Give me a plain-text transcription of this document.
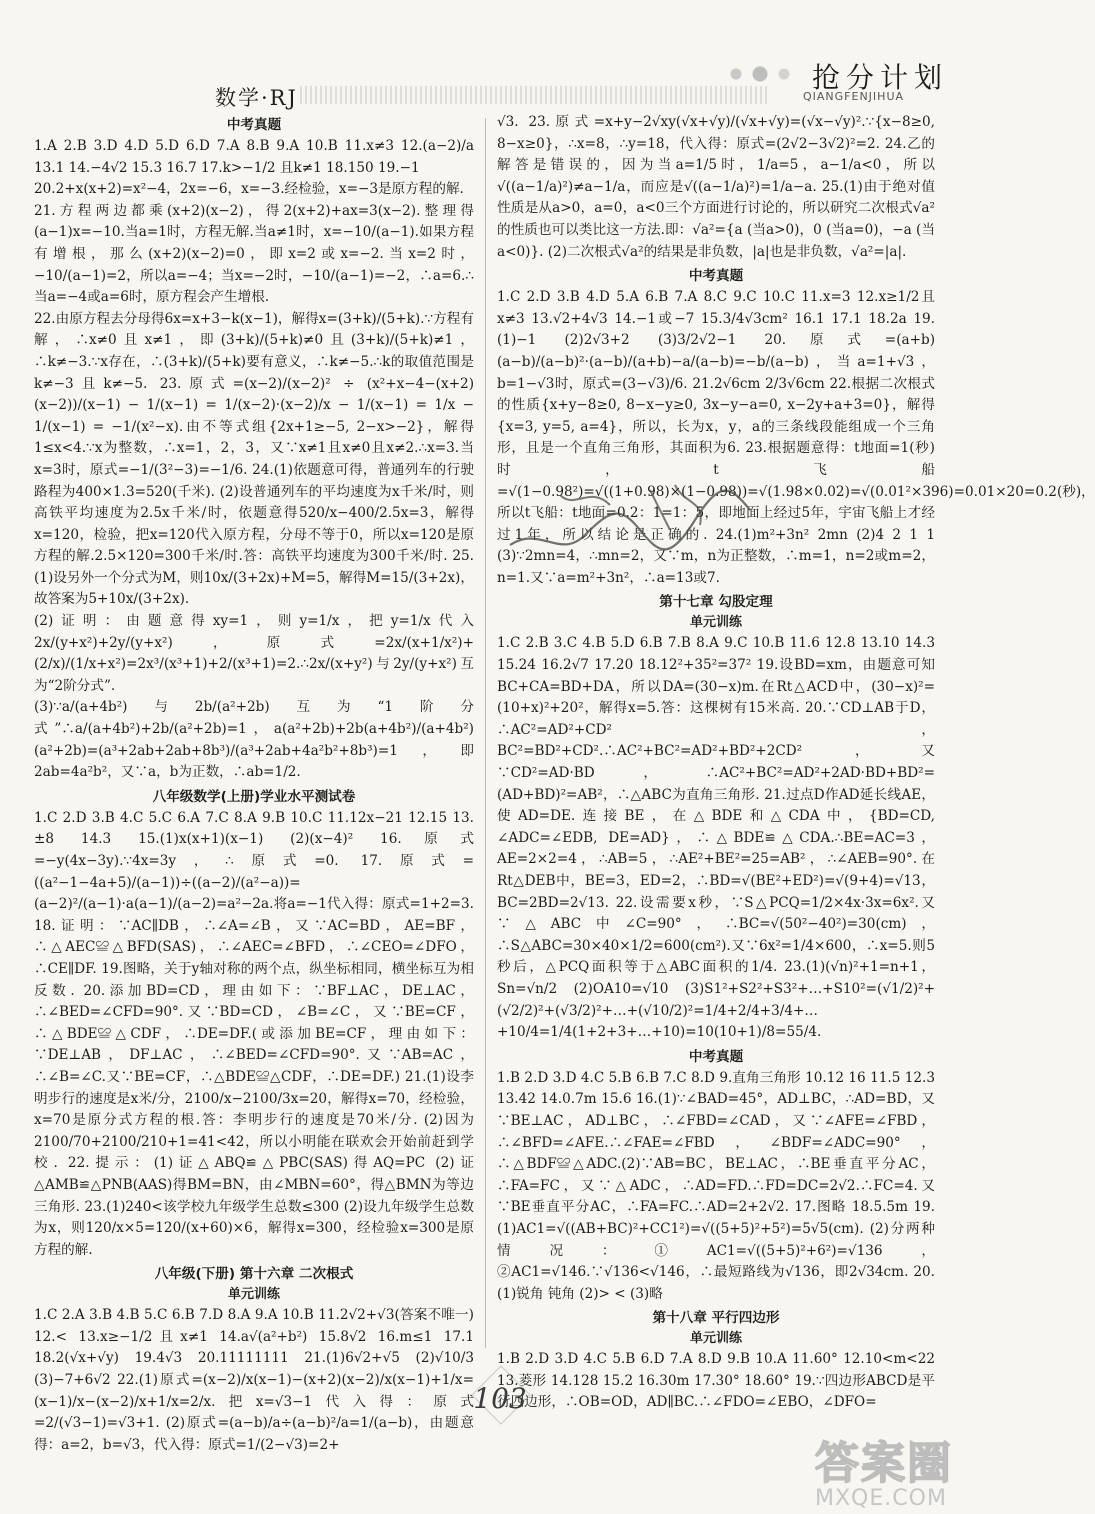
数学·RJ
抢分计划
QIANGFENJIHUA
中考真题

1.A 2.B 3.D 4.D 5.D 6.D 7.A 8.B 9.A 10.B 11.x≠3 12.(a−2)/a 13.1 14.−4√2 15.3 16.7 17.k>−1/2 且k≠1 18.150 19.−1

20.2+x(x+2)=x²−4，2x=−6，x=−3.经检验，x=−3是原方程的解.

21.方程两边都乘(x+2)(x−2)，得2(x+2)+ax=3(x−2).整理得(a−1)x=−10.当a=1时，方程无解.当a≠1时，x=−10/(a−1).如果方程有增根，那么(x+2)(x−2)=0，即x=2或x=−2.当x=2时，−10/(a−1)=2，所以a=−4；当x=−2时，−10/(a−1)=−2，∴a=6.∴当a=−4或a=6时，原方程会产生增根.

22.由原方程去分母得6x=x+3−k(x−1)，解得x=(3+k)/(5+k).∵方程有解，∴x≠0且x≠1，即(3+k)/(5+k)≠0且(3+k)/(5+k)≠1，∴k≠−3.∵x存在，∴(3+k)/(5+k)要有意义，∴k≠−5.∴k的取值范围是k≠−3且k≠−5. 23.原式=(x−2)/(x−2)² ÷ (x²+x−4−(x+2)(x−2))/(x−1) − 1/(x−1) = 1/(x−2)·(x−2)/x − 1/(x−1) = 1/x − 1/(x−1) = −1/(x²−x).由不等式组{2x+1≥−5, 2−x>−2}，解得1≤x<4.∵x为整数，∴x=1，2，3，又∵x≠1且x≠0且x≠2.∴x=3.当x=3时，原式=−1/(3²−3)=−1/6. 24.(1)依题意可得，普通列车的行驶路程为400×1.3=520(千米). (2)设普通列车的平均速度为x千米/时，则高铁平均速度为2.5x千米/时，依题意得520/x−400/2.5x=3，解得x=120，检验，把x=120代入原方程，分母不等于0，所以x=120是原方程的解.2.5×120=300千米/时.答：高铁平均速度为300千米/时. 25.(1)设另外一个分式为M，则10x/(3+2x)+M=5，解得M=15/(3+2x)，故答案为5+10x/(3+2x).

(2)证明：由题意得xy=1，则y=1/x，把y=1/x代入2x/(y+x²)+2y/(y+x²)，原式=2x/(x+1/x²)+(2/x)/(1/x+x²)=2x³/(x³+1)+2/(x³+1)=2.∴2x/(x+y²)与2y/(y+x²)互为“2阶分式”.

(3)∵a/(a+4b²)与2b/(a²+2b)互为“1阶分式”∴a/(a+4b²)+2b/(a²+2b)=1，a(a²+2b)+2b(a+4b²)/(a+4b²)(a²+2b)=(a³+2ab+2ab+8b³)/(a³+2ab+4a²b²+8b³)=1，即2ab=4a²b²，又∵a，b为正数，∴ab=1/2.

八年级数学(上册)学业水平测试卷

1.C 2.D 3.B 4.C 5.C 6.A 7.C 8.A 9.B 10.C 11.12x−21 12.15 13.±8 14.3 15.(1)x(x+1)(x−1) (2)(x−4)² 16.原式=−y(4x−3y).∵4x=3y，∴原式=0. 17.原式=((a²−1−4a+5)/(a−1))÷((a−2)/(a²−a))=(a−2)²/(a−1)·a(a−1)/(a−2)=a²−2a.将a=−1代入得：原式=1+2=3. 18.证明：∵AC∥DB，∴∠A=∠B，又∵AC=BD，AE=BF，∴△AEC≌△BFD(SAS)，∴∠AEC=∠BFD，∴∠CEO=∠DFO，∴CE∥DF. 19.图略，关于y轴对称的两个点，纵坐标相同，横坐标互为相反数. 20.添加BD=CD，理由如下：∵BF⊥AC，DE⊥AC，∴∠BED=∠CFD=90°.又∵BD=CD，∠B=∠C，又∵BE=CF，∴△BDE≌△CDF，∴DE=DF.(或添加BE=CF，理由如下：∵DE⊥AB，DF⊥AC，∴∠BED=∠CFD=90°.又∵AB=AC，∴∠B=∠C.又∵BE=CF，∴△BDE≌△CDF，∴DE=DF.) 21.(1)设李明步行的速度是x米/分，2100/x−2100/3x=20，解得x=70，经检验，x=70是原分式方程的根.答：李明步行的速度是70米/分. (2)因为2100/70+2100/210+1=41<42，所以小明能在联欢会开始前赶到学校. 22.提示：(1)证△ABQ≌△PBC(SAS)得AQ=PC (2)证△AMB≌△PNB(AAS)得BM=BN，由∠MBN=60°，得△BMN为等边三角形. 23.(1)240<该学校九年级学生总数≤300 (2)设九年级学生总数为x，则120/x×5=120/(x+60)×6，解得x=300，经检验x=300是原方程的解.

八年级(下册) 第十六章 二次根式
单元训练

1.C 2.A 3.B 4.B 5.C 6.B 7.D 8.A 9.A 10.B 11.2√2+√3(答案不唯一) 12.< 13.x≥−1/2且x≠1 14.a√(a²+b²) 15.8√2 16.m≤1 17.1 18.2(√x+√y) 19.4√3 20.11111111 21.(1)6√2+√5 (2)√10/3 (3)−7+6√2 22.(1)原式=(x−2)/x(x−1)−(x+2)(x−2)/x(x−1)+1/x=(x−1)/x−(x−2)/x+1/x=2/x.把x=√3−1代入得：原式=2/(√3−1)=√3+1. (2)原式=(a−b)/a÷(a−b)²/a=1/(a−b)，由题意得：a=2，b=√3，代入得：原式=1/(2−√3)=2+

√3. 23.原式=x+y−2√xy(√x+√y)/(√x+√y)=(√x−√y)².∵{x−8≥0, 8−x≥0}，∴x=8，∴y=18，代入得：原式=(2√2−3√2)²=2. 24.乙的解答是错误的，因为当a=1/5时，1/a=5，a−1/a<0，所以√((a−1/a)²)≠a−1/a，而应是√((a−1/a)²)=1/a−a. 25.(1)由于绝对值性质是从a>0，a=0，a<0三个方面进行讨论的，所以研究二次根式√a²的性质也可以类比这一方法.即：√a²={a (当a>0)，0 (当a=0)，−a (当a<0)}. (2)二次根式√a²的结果是非负数，|a|也是非负数，√a²=|a|.

中考真题

1.C 2.D 3.B 4.D 5.A 6.B 7.A 8.C 9.C 10.C 11.x=3 12.x≥1/2且x≠3 13.√2+4√3 14.−1或−7 15.3/4√3cm² 16.1 17.1 18.2a 19.(1)−1 (2)2√3+2 (3)3/2√2−1 20.原式=(a+b)(a−b)/(a−b)²·(a−b)/(a+b)−a/(a−b)=−b/(a−b)，当a=1+√3，b=1−√3时，原式=(3−√3)/6. 21.2√6cm 2/3√6cm 22.根据二次根式的性质{x+y−8≥0, 8−x−y≥0, 3x−y−a=0, x−2y+a+3=0}，解得{x=3, y=5, a=4}，所以，长为x，y，a的三条线段能组成一个三角形，且是一个直角三角形，其面积为6. 23.根据题意得：t地面=1(秒)时，t飞船=√(1−0.98²)=√((1+0.98)×(1−0.98))=√(1.98×0.02)=√(0.01²×396)=0.01×20=0.2(秒)，所以t飞船：t地面=0.2：1=1：5，即地面上经过5年，宇宙飞船上才经过1年，所以结论是正确的. 24.(1)m²+3n² 2mn (2)4 2 1 1 (3)∵2mn=4，∴mn=2，又∵m，n为正整数，∴m=1，n=2或m=2，n=1.又∵a=m²+3n²，∴a=13或7.

第十七章 勾股定理
单元训练

1.C 2.B 3.C 4.B 5.D 6.B 7.B 8.A 9.C 10.B 11.6 12.8 13.10 14.3 15.24 16.2√7 17.20 18.12²+35²=37² 19.设BD=xm，由题意可知BC+CA=BD+DA，所以DA=(30−x)m.在Rt△ACD中，(30−x)²=(10+x)²+20²，解得x=5.答：这棵树有15米高. 20.∵CD⊥AB于D，∴AC²=AD²+CD²，BC²=BD²+CD².∴AC²+BC²=AD²+BD²+2CD²，又∵CD²=AD·BD，∴AC²+BC²=AD²+2AD·BD+BD²=(AD+BD)²=AB²，∴△ABC为直角三角形. 21.过点D作AD延长线AE，使AD=DE.连接BE，在△BDE和△CDA中，{BD=CD, ∠ADC=∠EDB, DE=AD}，∴△BDE≌△CDA.∴BE=AC=3，AE=2×2=4，∴AB=5，∴AE²+BE²=25=AB²，∴∠AEB=90°.在Rt△DEB中，BE=3，ED=2，∴BD=√(BE²+ED²)=√(9+4)=√13，BC=2BD=2√13. 22.设需要x秒，∵S△PCQ=1/2×4x·3x=6x².又∵△ABC中∠C=90°，∴BC=√(50²−40²)=30(cm)，∴S△ABC=30×40×1/2=600(cm²).又∵6x²=1/4×600，∴x=5.则5秒后，△PCQ面积等于△ABC面积的1/4. 23.(1)(√n)²+1=n+1，Sn=√n/2 (2)OA10=√10 (3)S1²+S2²+S3²+…+S10²=(√1/2)²+(√2/2)²+(√3/2)²+…+(√10/2)²=1/4+2/4+3/4+…+10/4=1/4(1+2+3+…+10)=10(10+1)/8=55/4.

中考真题

1.B 2.D 3.D 4.C 5.B 6.B 7.C 8.D 9.直角三角形 10.12 16 11.5 12.3 13.42 14.0.7m 15.6 16.(1)∵∠BAD=45°，AD⊥BC，∴AD=BD，又∵BE⊥AC，AD⊥BC，∴∠FBD=∠CAD，又∵∠AFE=∠FBD，∴∠BFD=∠AFE.∴∠FAE=∠FBD，∠BDF=∠ADC=90°，∴△BDF≌△ADC.(2)∵AB=BC，BE⊥AC，∴BE垂直平分AC，∴FA=FC，又∵△ADC，∴AD=FD.∴FD=DC=2√2.∴FC=4.又∵BE垂直平分AC，∴FA=FC.∴AD=2+2√2. 17.图略 18.5.5m 19.(1)AC1=√((AB+BC)²+CC1²)=√((5+5)²+5²)=5√5(cm). (2)分两种情况：①AC1=√((5+5)²+6²)=√136，②AC1=√146.∵√136<√146，∴最短路线为√136，即2√34cm. 20.(1)锐角 钝角 (2)> < (3)略

第十八章 平行四边形
单元训练

1.B 2.D 3.D 4.C 5.B 6.D 7.A 8.D 9.B 10.A 11.60° 12.10<m<22 13.菱形 14.128 15.2 16.30m 17.30° 18.60° 19.∵四边形ABCD是平行四边形，∴OB=OD，AD∥BC.∴∠FDO=∠EBO，∠DFO=

103
答案圈
MXQE.COM
